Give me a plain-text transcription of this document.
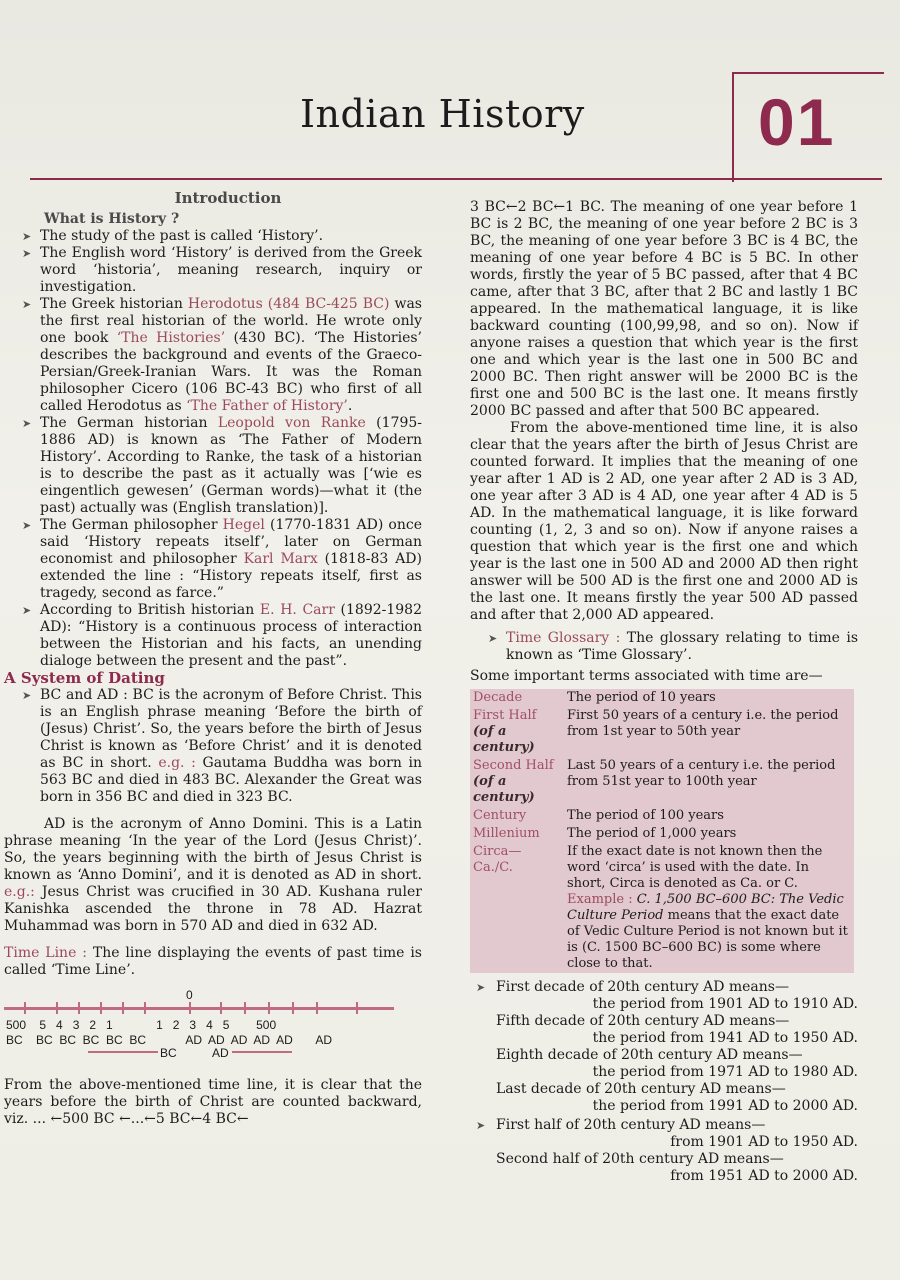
Indian History	01

Introduction

What is History ?

➤ The study of the past is called ‘History’.

➤ The English word ‘History’ is derived from the Greek word ‘historia’, meaning research, inquiry or investigation.

➤ The Greek historian Herodotus (484 BC-425 BC) was the first real historian of the world. He wrote only one book ‘The Histories’ (430 BC). ‘The Histories’ describes the background and events of the Graeco-Persian/Greek-Iranian Wars. It was the Roman philosopher Cicero (106 BC-43 BC) who first of all called Herodotus as ‘The Father of History’.

➤ The German historian Leopold von Ranke (1795-1886 AD) is known as ‘The Father of Modern History’. According to Ranke, the task of a historian is to describe the past as it actually was [‘wie es eingentlich gewesen’ (German words)—what it (the past) actually was (English translation)].

➤ The German philosopher Hegel (1770-1831 AD) once said ‘History repeats itself’, later on German economist and philosopher Karl Marx (1818-83 AD) extended the line : “History repeats itself, first as tragedy, second as farce.”

➤ According to British historian E. H. Carr (1892-1982 AD): “History is a continuous process of interaction between the Historian and his facts, an unending dialoge between the present and the past”.

A System of Dating

➤ BC and AD : BC is the acronym of Before Christ. This is an English phrase meaning ‘Before the birth of (Jesus) Christ’. So, the years before the birth of Jesus Christ is known as ‘Before Christ’ and it is denoted as BC in short. e.g. : Gautama Buddha was born in 563 BC and died in 483 BC. Alexander the Great was born in 356 BC and died in 323 BC.

AD is the acronym of Anno Domini. This is a Latin phrase meaning ‘In the year of the Lord (Jesus Christ)’. So, the years beginning with the birth of Jesus Christ is known as ‘Anno Domini’, and it is denoted as AD in short. e.g.: Jesus Christ was crucified in 30 AD. Kushana ruler Kanishka ascended the throne in 78 AD. Hazrat Muhammad was born in 570 AD and died in 632 AD.

Time Line : The line displaying the events of past time is called ‘Time Line’.

0
500    5   4   3   2   1             1   2   3   4   5        500
BC    BC  BC  BC  BC  BC            AD  AD  AD  AD  AD       AD
BC	AD

From the above-mentioned time line, it is clear that the years before the birth of Christ are counted backward, viz. ... ←500 BC ←...←5 BC←4 BC←

3 BC←2 BC←1 BC. The meaning of one year before 1 BC is 2 BC, the meaning of one year before 2 BC is 3 BC, the meaning of one year before 3 BC is 4 BC, the meaning of one year before 4 BC is 5 BC. In other words, firstly the year of 5 BC passed, after that 4 BC came, after that 3 BC, after that 2 BC and lastly 1 BC appeared. In the mathematical language, it is like backward counting (100,99,98, and so on). Now if anyone raises a question that which year is the first one and which year is the last one in 500 BC and 2000 BC. Then right answer will be 2000 BC is the first one and 500 BC is the last one. It means firstly 2000 BC passed and after that 500 BC appeared.

From the above-mentioned time line, it is also clear that the years after the birth of Jesus Christ are counted forward. It implies that the meaning of one year after 1 AD is 2 AD, one year after 2 AD is 3 AD, one year after 3 AD is 4 AD, one year after 4 AD is 5 AD. In the mathematical language, it is like forward counting (1, 2, 3 and so on). Now if anyone raises a question that which year is the first one and which year is the last one in 500 AD and 2000 AD then right answer will be 500 AD is the first one and 2000 AD is the last one. It means firstly the year 500 AD passed and after that 2,000 AD appeared.

➤ Time Glossary : The glossary relating to time is known as ‘Time Glossary’.

Some important terms associated with time are—

Decade	The period of 10 years
First Half
(of a century)	First 50 years of a century i.e. the period from 1st year to 50th year
Second Half
(of a century)	Last 50 years of a century i.e. the period from 51st year to 100th year
Century	The period of 100 years
Millenium	The period of 1,000 years
Circa—Ca./C.	If the exact date is not known then the word ‘circa’ is used with the date. In short, Circa is denoted as Ca. or C. Example : C. 1,500 BC–600 BC: The Vedic Culture Period means that the exact date of Vedic Culture Period is not known but it is (C. 1500 BC–600 BC) is some where close to that.

➤ First decade of 20th century AD means—

the period from 1901 AD to 1910 AD.

Fifth decade of 20th century AD means—

the period from 1941 AD to 1950 AD.

Eighth decade of 20th century AD means—

the period from 1971 AD to 1980 AD.

Last decade of 20th century AD means—

the period from 1991 AD to 2000 AD.

➤ First half of 20th century AD means—

from 1901 AD to 1950 AD.

Second half of 20th century AD means—

from 1951 AD to 2000 AD.
